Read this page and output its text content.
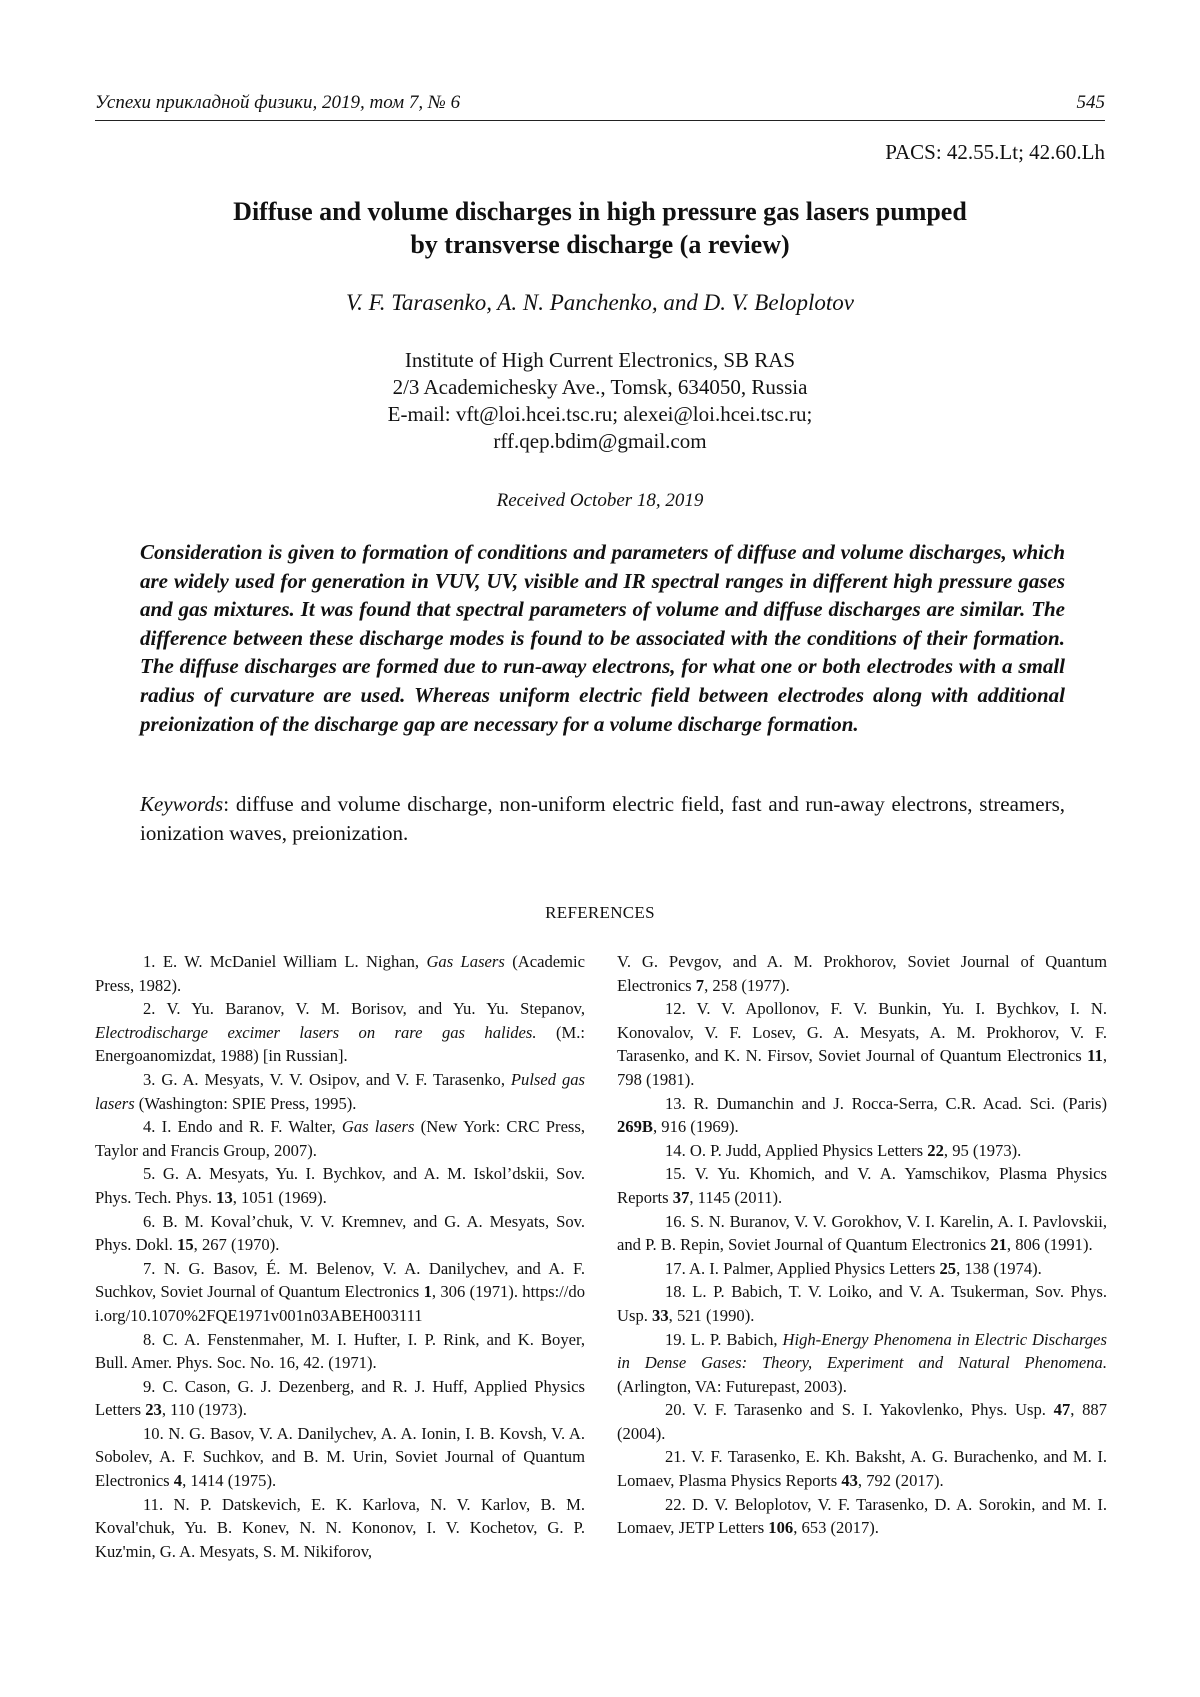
Успехи прикладной физики, 2019, том 7, № 6	545
PACS: 42.55.Lt; 42.60.Lh
Diffuse and volume discharges in high pressure gas lasers pumped
by transverse discharge (a review)
V. F. Tarasenko, A. N. Panchenko, and D. V. Beloplotov
Institute of High Current Electronics, SB RAS
2/3 Academichesky Ave., Tomsk, 634050, Russia
E-mail: vft@loi.hcei.tsc.ru; alexei@loi.hcei.tsc.ru;
rff.qep.bdim@gmail.com
Received October 18, 2019
Consideration is given to formation of conditions and parameters of diffuse and volume discharges, which are widely used for generation in VUV, UV, visible and IR spectral ranges in different high pressure gases and gas mixtures. It was found that spectral parameters of volume and diffuse discharges are similar. The difference between these discharge modes is found to be associated with the conditions of their formation. The diffuse discharges are formed due to run-away electrons, for what one or both electrodes with a small radius of curvature are used. Whereas uniform electric field between electrodes along with additional preionization of the discharge gap are necessary for a volume discharge formation.
Keywords: diffuse and volume discharge, non-uniform electric field, fast and run-away electrons, streamers, ionization waves, preionization.
REFERENCES

1. E. W. McDaniel William L. Nighan, Gas Lasers (Academic Press, 1982).

2. V. Yu. Baranov, V. M. Borisov, and Yu. Yu. Stepanov, Electrodischarge excimer lasers on rare gas halides. (M.: Energoanomizdat, 1988) [in Russian].

3. G. A. Mesyats, V. V. Osipov, and V. F. Tarasenko, Pulsed gas lasers (Washington: SPIE Press, 1995).

4. I. Endo and R. F. Walter, Gas lasers (New York: CRC Press, Taylor and Francis Group, 2007).

5. G. A. Mesyats, Yu. I. Bychkov, and A. M. Iskol’dskii, Sov. Phys. Tech. Phys. 13, 1051 (1969).

6. B. M. Koval’chuk, V. V. Kremnev, and G. A. Mesyats, Sov. Phys. Dokl. 15, 267 (1970).

7. N. G. Basov, É. M. Belenov, V. A. Danilychev, and A. F. Suchkov, Soviet Journal of Quantum Electronics 1, 306 (1971). https://doi.org/10.1070%2FQE1971v001n03ABEH003111

8. C. A. Fenstenmaher, M. I. Hufter, I. P. Rink, and K. Boyer, Bull. Amer. Phys. Soc. No. 16, 42. (1971).

9. C. Cason, G. J. Dezenberg, and R. J. Huff, Applied Physics Letters 23, 110 (1973).

10. N. G. Basov, V. A. Danilychev, A. A. Ionin, I. B. Kovsh, V. A. Sobolev, A. F. Suchkov, and B. M. Urin, Soviet Journal of Quantum Electronics 4, 1414 (1975).

11. N. P. Datskevich, E. K. Karlova, N. V. Karlov, B. M. Koval'chuk, Yu. B. Konev, N. N. Kononov, I. V. Kochetov, G. P. Kuz'min, G. A. Mesyats, S. M. Nikiforov,

V. G. Pevgov, and A. M. Prokhorov, Soviet Journal of Quantum Electronics 7, 258 (1977).

12. V. V. Apollonov, F. V. Bunkin, Yu. I. Bychkov, I. N. Konovalov, V. F. Losev, G. A. Mesyats, A. M. Prokhorov, V. F. Tarasenko, and K. N. Firsov, Soviet Journal of Quantum Electronics 11, 798 (1981).

13. R. Dumanchin and J. Rocca-Serra, C.R. Acad. Sci. (Paris) 269B, 916 (1969).

14. O. P. Judd, Applied Physics Letters 22, 95 (1973).

15. V. Yu. Khomich, and V. A. Yamschikov, Plasma Physics Reports 37, 1145 (2011).

16. S. N. Buranov, V. V. Gorokhov, V. I. Karelin, A. I. Pavlovskii, and P. B. Repin, Soviet Journal of Quantum Electronics 21, 806 (1991).

17. A. I. Palmer, Applied Physics Letters 25, 138 (1974).

18. L. P. Babich, T. V. Loiko, and V. A. Tsukerman, Sov. Phys. Usp. 33, 521 (1990).

19. L. P. Babich, High-Energy Phenomena in Electric Discharges in Dense Gases: Theory, Experiment and Natural Phenomena. (Arlington, VA: Futurepast, 2003).

20. V. F. Tarasenko and S. I. Yakovlenko, Phys. Usp. 47, 887 (2004).

21. V. F. Tarasenko, E. Kh. Baksht, A. G. Burachenko, and M. I. Lomaev, Plasma Physics Reports 43, 792 (2017).

22. D. V. Beloplotov, V. F. Tarasenko, D. A. Sorokin, and M. I. Lomaev, JETP Letters 106, 653 (2017).
